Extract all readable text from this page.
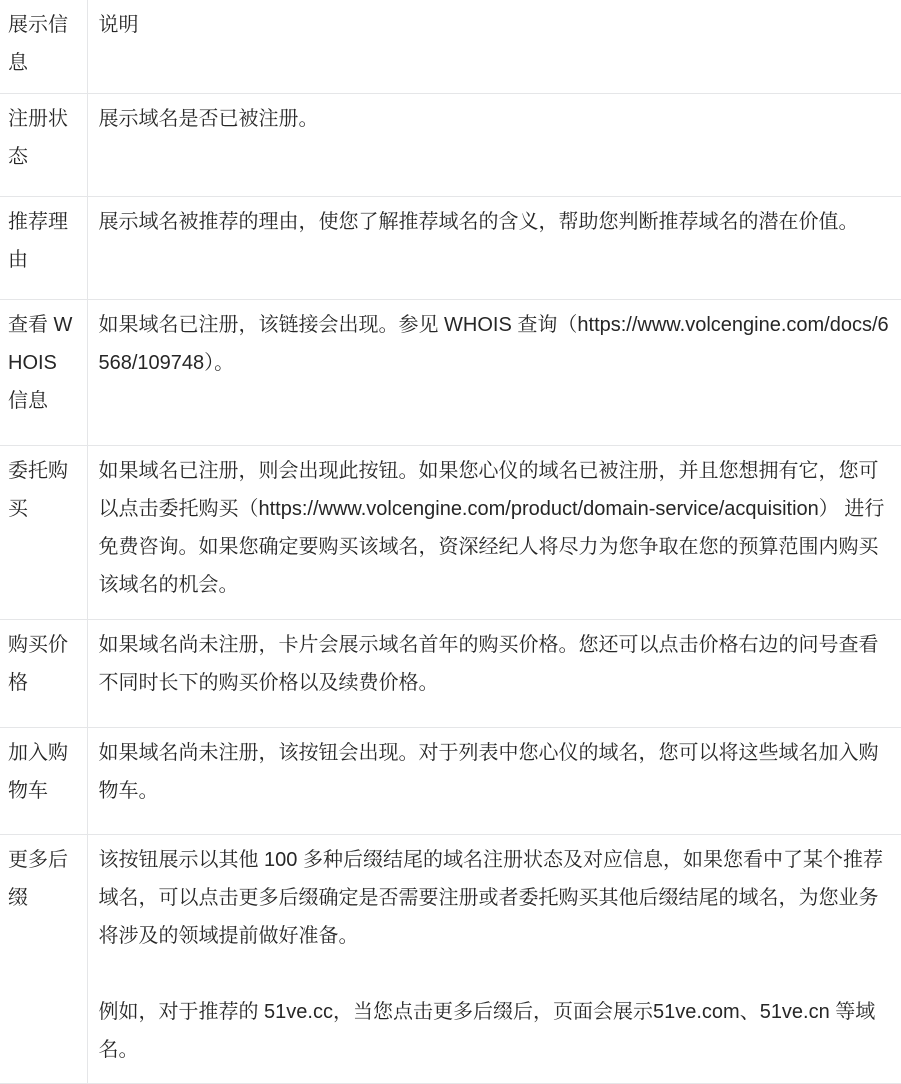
展示信息	说明
注册状态	展示域名是否已被注册。

推荐理由	展示域名被推荐的理由，使您了解推荐域名的含义，帮助您判断推荐域名的潜在价值。

查看 WHOIS 信息	如果域名已注册，该链接会出现。参见 WHOIS 查询（https://www.volcengine.com/docs/6568/109748）。

委托购买	如果域名已注册，则会出现此按钮。如果您心仪的域名已被注册，并且您想拥有它，您可以点击委托购买（https://www.volcengine.com/product/domain-service/acquisition） 进行免费咨询。如果您确定要购买该域名，资深经纪人将尽力为您争取在您的预算范围内购买该域名的机会。

购买价格	如果域名尚未注册，卡片会展示域名首年的购买价格。您还可以点击价格右边的问号查看不同时长下的购买价格以及续费价格。

加入购物车	如果域名尚未注册，该按钮会出现。对于列表中您心仪的域名，您可以将这些域名加入购物车。

更多后缀	该按钮展示以其他 100 多种后缀结尾的域名注册状态及对应信息，如果您看中了某个推荐域名，可以点击更多后缀确定是否需要注册或者委托购买其他后缀结尾的域名，为您业务将涉及的领域提前做好准备。

例如，对于推荐的 51ve.cc，当您点击更多后缀后，页面会展示51ve.com、51ve.cn 等域名。
